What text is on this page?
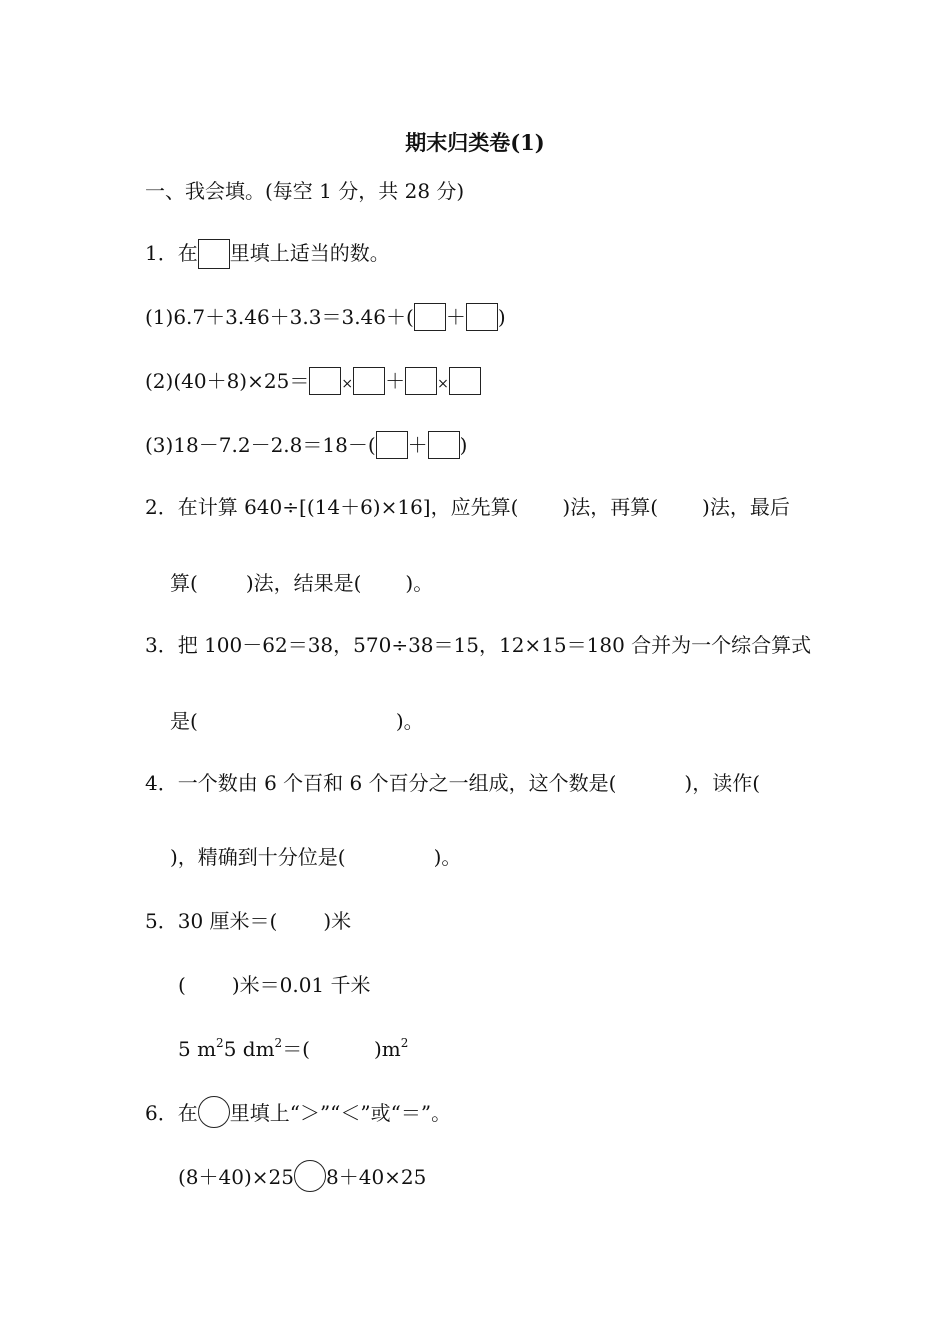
期末归类卷(1)
一、我会填。(每空 1 分，共 28 分)
1．在 里填上适当的数。
(1)6.7＋3.46＋3.3＝3.46＋( ＋ )
(2)(40＋8)×25＝ × ＋ ×
(3)18－7.2－2.8＝18－( ＋ )
2．在计算 640÷[(14＋6)×16]，应先算( )法，再算( )法，最后
算( )法，结果是( )。
3．把 100－62＝38，570÷38＝15，12×15＝180 合并为一个综合算式
是(	)。
4．一个数由 6 个百和 6 个百分之一组成，这个数是(	)，读作(
)，精确到十分位是(	)。
5．30 厘米＝( )米
( )米＝0.01 千米
5 $m^25$ $dm^2=$(	)$m^2$
6．在 里填上“＞”“＜”或“＝”。
(8＋40)×25 8＋40×25
